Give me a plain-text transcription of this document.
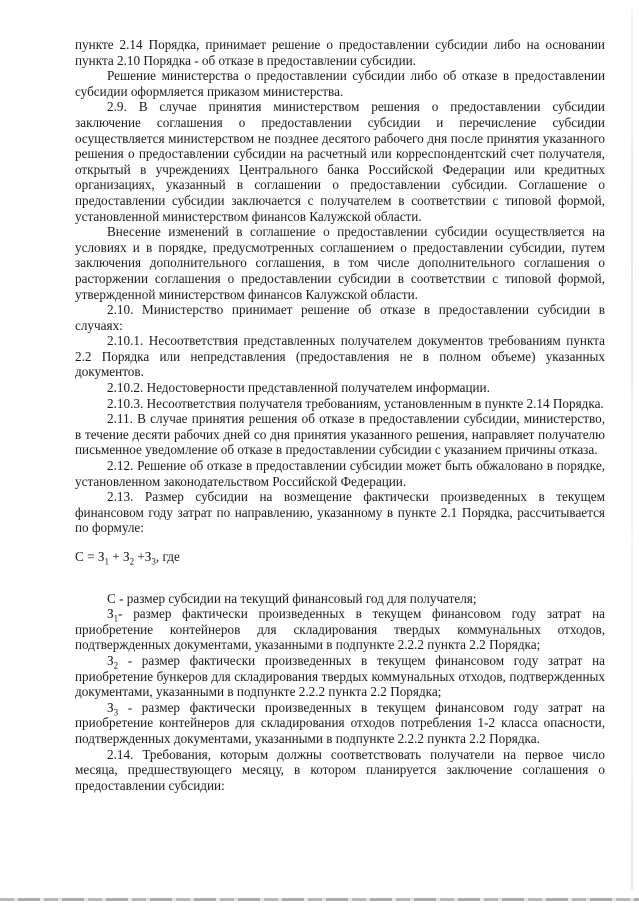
пункте 2.14 Порядка, принимает решение о предоставлении субсидии либо на основании пункта 2.10 Порядка - об отказе в предоставлении субсидии.

Решение министерства о предоставлении субсидии либо об отказе в предоставлении субсидии оформляется приказом министерства.

2.9. В случае принятия министерством решения о предоставлении субсидии заключение соглашения о предоставлении субсидии и перечисление субсидии осуществляется министерством не позднее десятого рабочего дня после принятия указанного решения о предоставлении субсидии на расчетный или корреспондентский счет получателя, открытый в учреждениях Центрального банка Российской Федерации или кредитных организациях, указанный в соглашении о предоставлении субсидии. Соглашение о предоставлении субсидии заключается с получателем в соответствии с типовой формой, установленной министерством финансов Калужской области.

Внесение изменений в соглашение о предоставлении субсидии осуществляется на условиях и в порядке, предусмотренных соглашением о предоставлении субсидии, путем заключения дополнительного соглашения, в том числе дополнительного соглашения о расторжении соглашения о предоставлении субсидии в соответствии с типовой формой, утвержденной министерством финансов Калужской области.

2.10. Министерство принимает решение об отказе в предоставлении субсидии в случаях:

2.10.1. Несоответствия представленных получателем документов требованиям пункта 2.2 Порядка или непредставления (предоставления не в полном объеме) указанных документов.

2.10.2. Недостоверности представленной получателем информации.

2.10.3. Несоответствия получателя требованиям, установленным в пункте 2.14 Порядка.

2.11. В случае принятия решения об отказе в предоставлении субсидии, министерство, в течение десяти рабочих дней со дня принятия указанного решения, направляет получателю письменное уведомление об отказе в предоставлении субсидии с указанием причины отказа.

2.12. Решение об отказе в предоставлении субсидии может быть обжаловано в порядке, установленном законодательством Российской Федерации.

2.13. Размер субсидии на возмещение фактически произведенных в текущем финансовом году затрат по направлению, указанному в пункте 2.1 Порядка, рассчитывается по формуле:

$С = З_1 + З_2 +З_3$, где

С - размер субсидии на текущий финансовый год для получателя;

$З_1-$ размер фактически произведенных в текущем финансовом году затрат на приобретение контейнеров для складирования твердых коммунальных отходов, подтвержденных документами, указанными в подпункте 2.2.2 пункта 2.2 Порядка;

$З_2$ - размер фактически произведенных в текущем финансовом году затрат на приобретение бункеров для складирования твердых коммунальных отходов, подтвержденных документами, указанными в подпункте 2.2.2 пункта 2.2 Порядка;

$З_3$ - размер фактически произведенных в текущем финансовом году затрат на приобретение контейнеров для складирования отходов потребления 1-2 класса опасности, подтвержденных документами, указанными в подпункте 2.2.2 пункта 2.2 Порядка.

2.14. Требования, которым должны соответствовать получатели на первое число месяца, предшествующего месяцу, в котором планируется заключение соглашения о предоставлении субсидии:
